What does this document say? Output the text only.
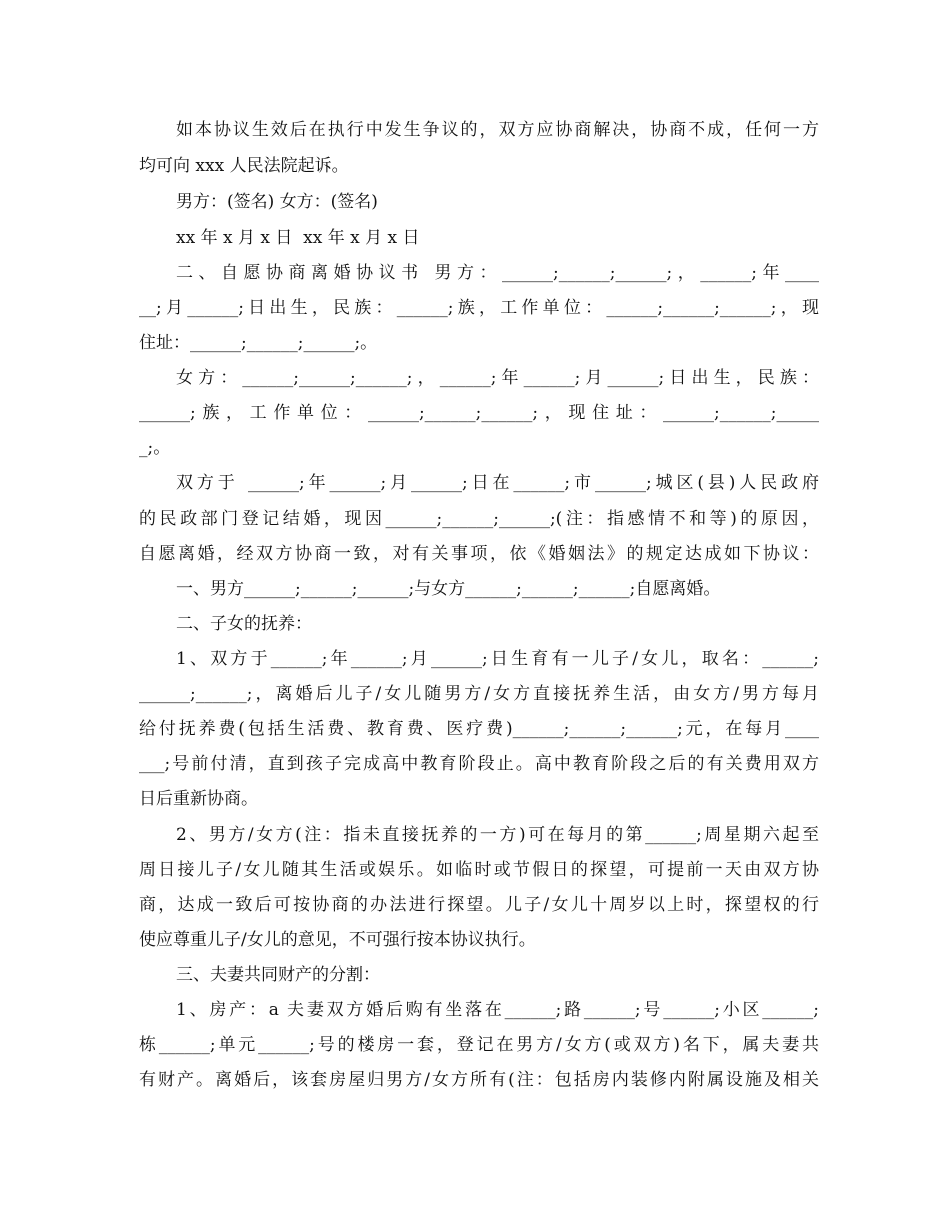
如本协议生效后在执行中发生争议的，双方应协商解决，协商不成，任何一方
均可向 xxx 人民法院起诉。
男方：(签名) 女方：(签名)
xx 年 x 月 x 日  xx 年 x 月 x 日
二、自愿协商离婚协议书 男方：______;______;______;，______;年____
__;月______;日出生，民族：______;族，工作单位：______;______;______;，现
住址：______;______;______;。
女方：______;______;______;，______;年______;月______;日出生，民族：
______;族，工作单位：______;______;______;，现住址：______;______;_____
_;。
双方于 ______;年______;月______;日在______;市______;城区(县)人民政府
的民政部门登记结婚，现因______;______;______;(注：指感情不和等)的原因，
自愿离婚，经双方协商一致，对有关事项，依《婚姻法》的规定达成如下协议：
一、男方______;______;______;与女方______;______;______;自愿离婚。
二、子女的抚养：
1、双方于______;年______;月______;日生育有一儿子/女儿，取名：______;
______;______;，离婚后儿子/女儿随男方/女方直接抚养生活，由女方/男方每月
给付抚养费(包括生活费、教育费、医疗费)______;______;______;元，在每月____
___;号前付清，直到孩子完成高中教育阶段止。高中教育阶段之后的有关费用双方
日后重新协商。
2、男方/女方(注：指未直接抚养的一方)可在每月的第______;周星期六起至
周日接儿子/女儿随其生活或娱乐。如临时或节假日的探望，可提前一天由双方协
商，达成一致后可按协商的办法进行探望。儿子/女儿十周岁以上时，探望权的行
使应尊重儿子/女儿的意见，不可强行按本协议执行。
三、夫妻共同财产的分割：
1、房产：a 夫妻双方婚后购有坐落在______;路______;号______;小区______;
栋______;单元______;号的楼房一套，登记在男方/女方(或双方)名下，属夫妻共
有财产。离婚后，该套房屋归男方/女方所有(注：包括房内装修内附属设施及相关
